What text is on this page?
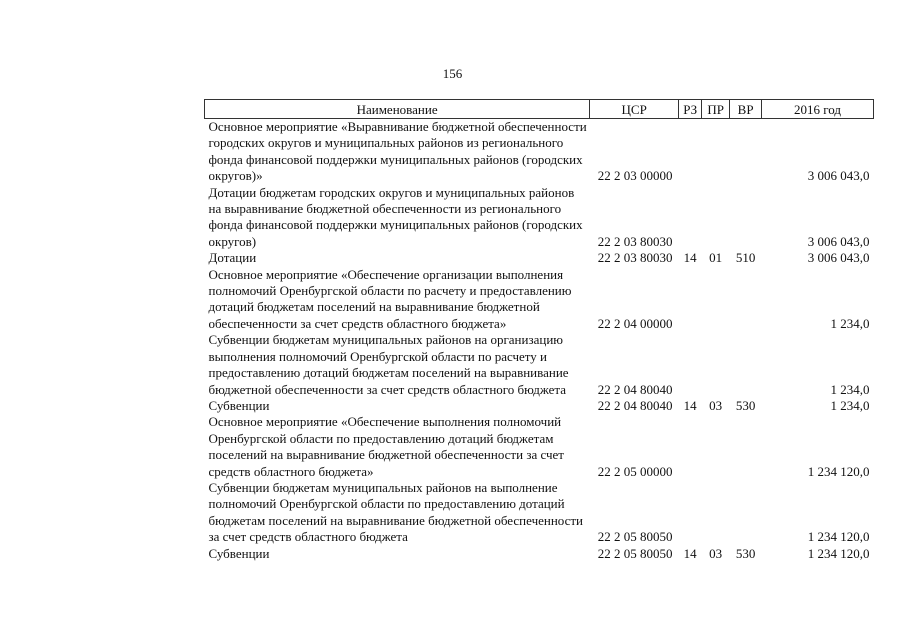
156
Наименование	ЦСР	РЗ	ПР	ВР	2016 год
Основное мероприятие «Выравнивание бюджетной обеспеченности городских округов и муниципальных районов из регионального фонда финансовой поддержки муниципальных районов (городских округов)»	22 2 03 00000				3 006 043,0
Дотации бюджетам городских округов и муниципальных районов на выравнивание бюджетной обеспеченности из регионального фонда финансовой поддержки муниципальных районов (городских округов)	22 2 03 80030				3 006 043,0
Дотации	22 2 03 80030	14	01	510	3 006 043,0
Основное мероприятие «Обеспечение организации выполнения полномочий Оренбургской области по расчету и предоставлению дотаций бюджетам поселений на выравнивание бюджетной обеспеченности за счет средств областного бюджета»	22 2 04 00000				1 234,0
Субвенции бюджетам муниципальных районов на организацию выполнения полномочий Оренбургской области по расчету и предоставлению дотаций бюджетам поселений на выравнивание бюджетной обеспеченности за счет средств областного бюджета	22 2 04 80040				1 234,0
Субвенции	22 2 04 80040	14	03	530	1 234,0
Основное мероприятие «Обеспечение выполнения полномочий Оренбургской области по предоставлению дотаций бюджетам поселений на выравнивание бюджетной обеспеченности за счет средств областного бюджета»	22 2 05 00000				1 234 120,0
Субвенции бюджетам муниципальных районов на выполнение полномочий Оренбургской области по предоставлению дотаций бюджетам поселений на выравнивание бюджетной обеспеченности за счет средств областного бюджета	22 2 05 80050				1 234 120,0
Субвенции	22 2 05 80050	14	03	530	1 234 120,0
